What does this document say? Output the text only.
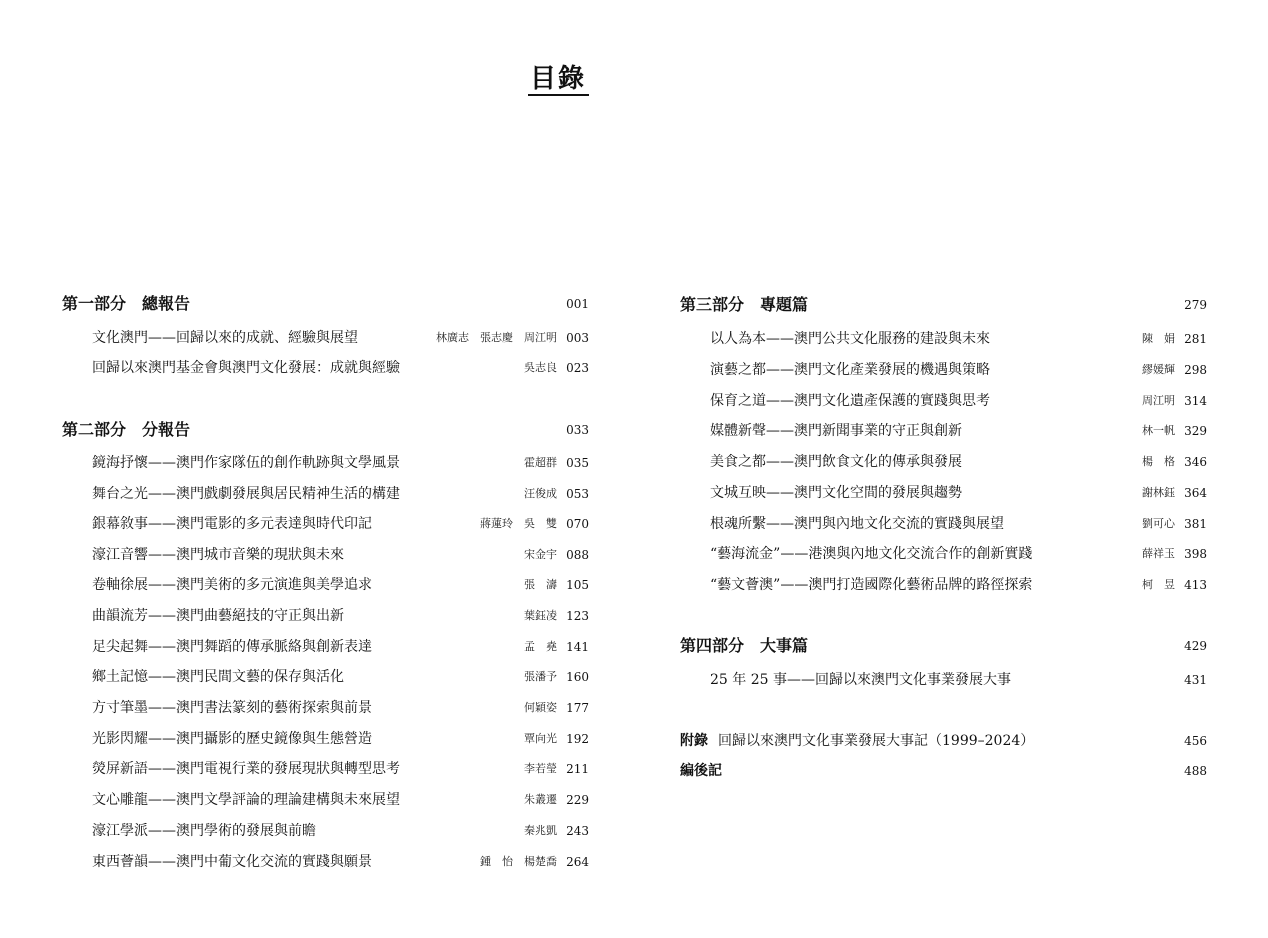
目錄
第一部分　總報告	001
文化澳門——回歸以來的成就、經驗與展望	林廣志　張志慶　周江明 003
回歸以來澳門基金會與澳門文化發展：成就與經驗	吳志良 023
第二部分　分報告	033
鏡海抒懷——澳門作家隊伍的創作軌跡與文學風景	霍超群 035
舞台之光——澳門戲劇發展與居民精神生活的構建	汪俊成 053
銀幕敘事——澳門電影的多元表達與時代印記	蔣蓮玲　吳　雙 070
濠江音響——澳門城市音樂的現狀與未來	宋金宇 088
卷軸徐展——澳門美術的多元演進與美學追求	張　濤 105
曲韻流芳——澳門曲藝絕技的守正與出新	葉鈺凌 123
足尖起舞——澳門舞蹈的傳承脈絡與創新表達	孟　堯 141
鄉土記憶——澳門民間文藝的保存與活化	張潘予 160
方寸筆墨——澳門書法篆刻的藝術探索與前景	何穎姿 177
光影閃耀——澳門攝影的歷史鏡像與生態營造	覃向光 192
熒屏新語——澳門電視行業的發展現狀與轉型思考	李若瑩 211
文心雕龍——澳門文學評論的理論建構與未來展望	朱叢遷 229
濠江學派——澳門學術的發展與前瞻	秦兆凱 243
東西薈韻——澳門中葡文化交流的實踐與願景	鍾　怡　楊楚喬 264
第三部分　專題篇	279
以人為本——澳門公共文化服務的建設與未來	陳　娟 281
演藝之都——澳門文化產業發展的機遇與策略	繆媛輝 298
保育之道——澳門文化遺產保護的實踐與思考	周江明 314
媒體新聲——澳門新聞事業的守正與創新	林一帆 329
美食之都——澳門飲食文化的傳承與發展	楊　格 346
文城互映——澳門文化空間的發展與趨勢	謝林鈺 364
根魂所繫——澳門與內地文化交流的實踐與展望	劉可心 381
“藝海流金”——港澳與內地文化交流合作的創新實踐	薛祥玉 398
“藝文薈澳”——澳門打造國際化藝術品牌的路徑探索	柯　昱 413
第四部分　大事篇	429
25 年 25 事——回歸以來澳門文化事業發展大事	431
附錄 回歸以來澳門文化事業發展大事記（1999–2024）	456
編後記	488
